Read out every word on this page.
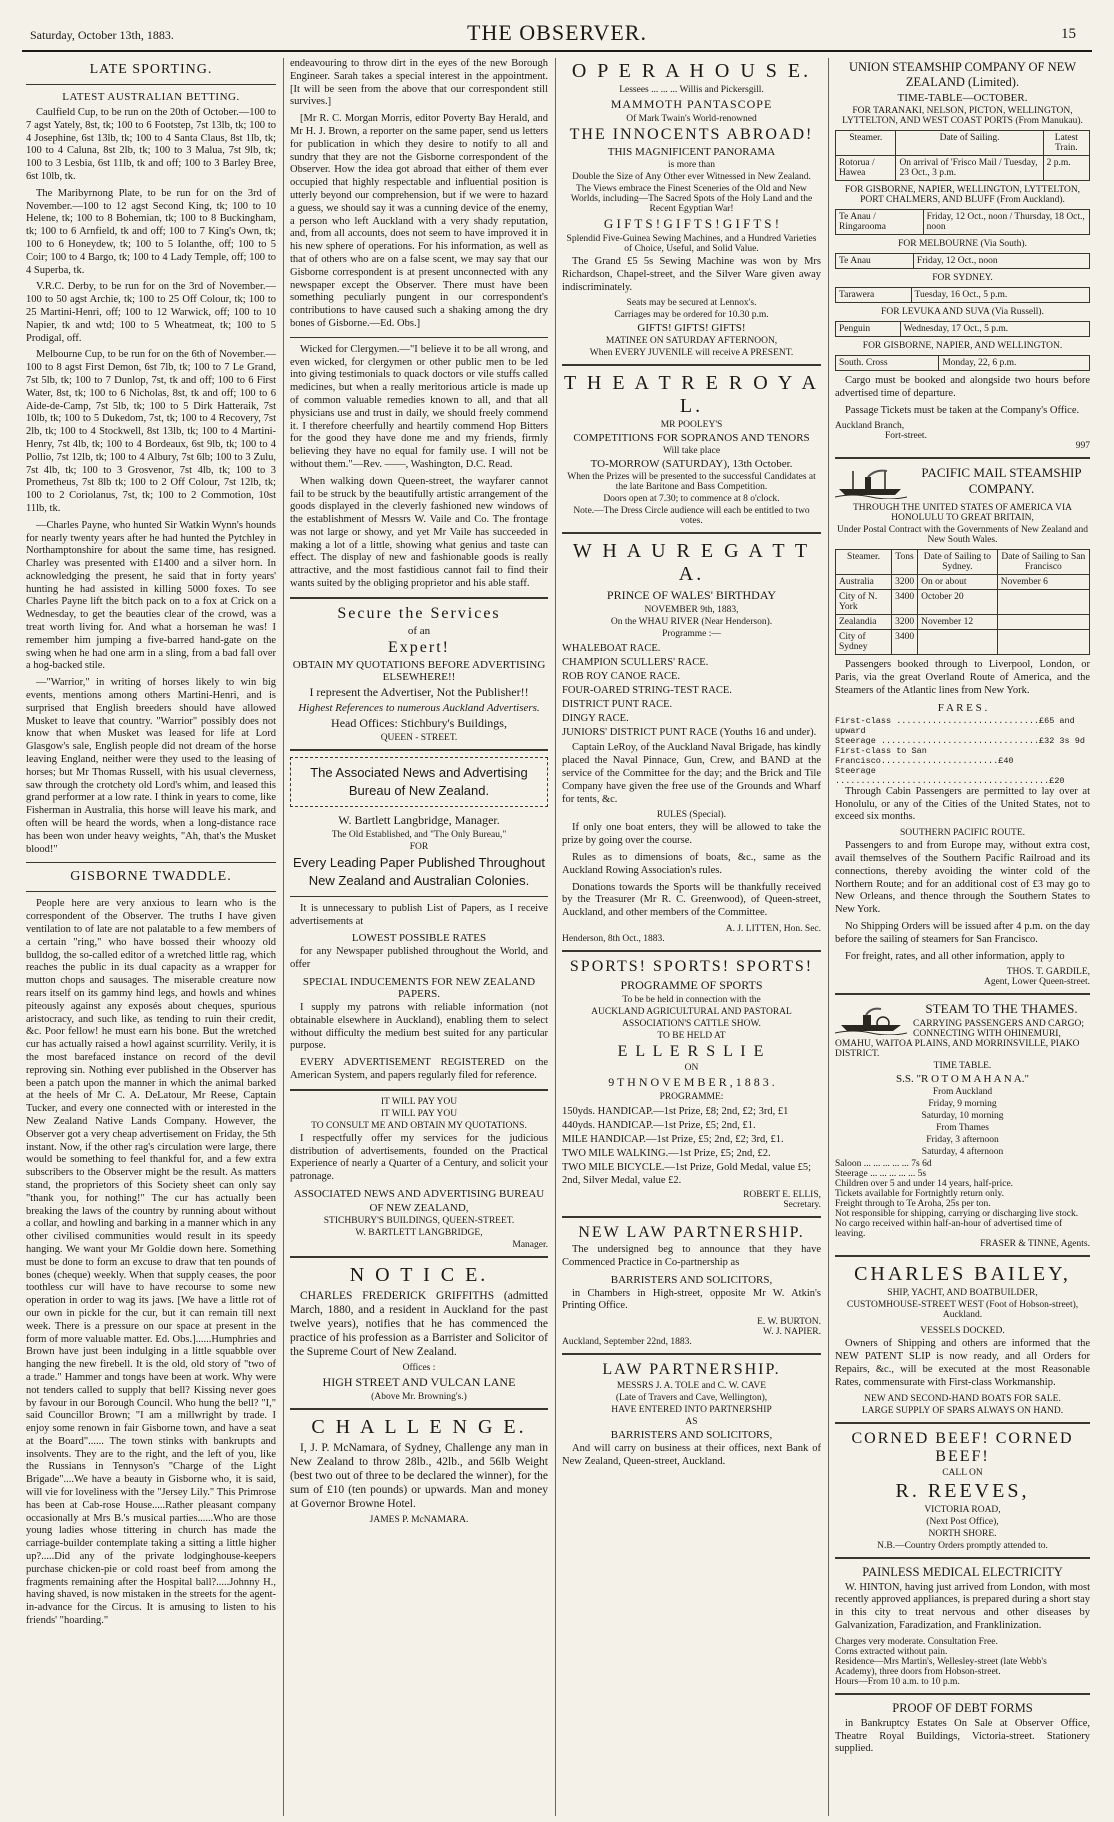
Saturday, October 13th, 1883.	THE OBSERVER.	15
LATE SPORTING.
LATEST AUSTRALIAN BETTING.

Caulfield Cup, to be run on the 20th of October.—100 to 7 agst Yately, 8st, tk; 100 to 6 Footstep, 7st 13lb, tk; 100 to 4 Josephine, 6st 13lb, tk; 100 to 4 Santa Claus, 8st 1lb, tk; 100 to 4 Caluna, 8st 2lb, tk; 100 to 3 Malua, 7st 9lb, tk; 100 to 3 Lesbia, 6st 11lb, tk and off; 100 to 3 Barley Bree, 6st 10lb, tk.

The Maribyrnong Plate, to be run for on the 3rd of November.—100 to 12 agst Second King, tk; 100 to 10 Helene, tk; 100 to 8 Bohemian, tk; 100 to 8 Buckingham, tk; 100 to 6 Arnfield, tk and off; 100 to 7 King's Own, tk; 100 to 6 Honeydew, tk; 100 to 5 Iolanthe, off; 100 to 5 Coir; 100 to 4 Bargo, tk; 100 to 4 Lady Temple, off; 100 to 4 Superba, tk.

V.R.C. Derby, to be run for on the 3rd of November.—100 to 50 agst Archie, tk; 100 to 25 Off Colour, tk; 100 to 25 Martini-Henri, off; 100 to 12 Warwick, off; 100 to 10 Napier, tk and wtd; 100 to 5 Wheatmeat, tk; 100 to 5 Prodigal, off.

Melbourne Cup, to be run for on the 6th of November.—100 to 8 agst First Demon, 6st 7lb, tk; 100 to 7 Le Grand, 7st 5lb, tk; 100 to 7 Dunlop, 7st, tk and off; 100 to 6 First Water, 8st, tk; 100 to 6 Nicholas, 8st, tk and off; 100 to 6 Aide-de-Camp, 7st 5lb, tk; 100 to 5 Dirk Hatteraik, 7st 10lb, tk; 100 to 5 Dukedom, 7st, tk; 100 to 4 Recovery, 7st 2lb, tk; 100 to 4 Stockwell, 8st 13lb, tk; 100 to 4 Martini-Henry, 7st 4lb, tk; 100 to 4 Bordeaux, 6st 9lb, tk; 100 to 4 Pollio, 7st 12lb, tk; 100 to 4 Albury, 7st 6lb; 100 to 3 Zulu, 7st 4lb, tk; 100 to 3 Grosvenor, 7st 4lb, tk; 100 to 3 Prometheus, 7st 8lb tk; 100 to 2 Off Colour, 7st 12lb, tk; 100 to 2 Coriolanus, 7st, tk; 100 to 2 Commotion, 10st 11lb, tk.

—Charles Payne, who hunted Sir Watkin Wynn's hounds for nearly twenty years after he had hunted the Pytchley in Northamptonshire for about the same time, has resigned. Charley was presented with £1400 and a silver horn. In acknowledging the present, he said that in forty years' hunting he had assisted in killing 5000 foxes. To see Charles Payne lift the bitch pack on to a fox at Crick on a Wednesday, to get the beauties clear of the crowd, was a treat worth living for. And what a horseman he was! I remember him jumping a five-barred hand-gate on the swing when he had one arm in a sling, from a bad fall over a hog-backed stile.

—"Warrior," in writing of horses likely to win big events, mentions among others Martini-Henri, and is surprised that English breeders should have allowed Musket to leave that country. "Warrior" possibly does not know that when Musket was leased for life at Lord Glasgow's sale, English people did not dream of the horse leaving England, neither were they used to the leasing of horses; but Mr Thomas Russell, with his usual cleverness, saw through the crotchety old Lord's whim, and leased this grand performer at a low rate. I think in years to come, like Fisherman in Australia, this horse will leave his mark, and often will be heard the words, when a long-distance race has been won under heavy weights, "Ah, that's the Musket blood!"

GISBORNE TWADDLE.

People here are very anxious to learn who is the correspondent of the Observer. The truths I have given ventilation to of late are not palatable to a few members of a certain "ring," who have bossed their whoozy old bulldog, the so-called editor of a wretched little rag, which reaches the public in its dual capacity as a wrapper for mutton chops and sausages. The miserable creature now rears itself on its gammy hind legs, and howls and whines piteously against any exposés about cheques, spurious aristocracy, and such like, as tending to ruin their credit, &c. Poor fellow! he must earn his bone. But the wretched cur has actually raised a howl against scurrility. Verily, it is the most barefaced instance on record of the devil reproving sin. Nothing ever published in the Observer has been a patch upon the manner in which the animal barked at the heels of Mr C. A. DeLatour, Mr Reese, Captain Tucker, and every one connected with or interested in the New Zealand Native Lands Company. However, the Observer got a very cheap advertisement on Friday, the 5th instant. Now, if the other rag's circulation were large, there would be something to feel thankful for, and a few extra subscribers to the Observer might be the result. As matters stand, the proprietors of this Society sheet can only say "thank you, for nothing!" The cur has actually been breaking the laws of the country by running about without a collar, and howling and barking in a manner which in any other civilised communities would result in its speedy hanging. We want your Mr Goldie down here. Something must be done to form an excuse to draw that ten pounds of bones (cheque) weekly. When that supply ceases, the poor toothless cur will have to have recourse to some new operation in order to wag its jaws. [We have a little rot of our own in pickle for the cur, but it can remain till next week. There is a pressure on our space at present in the form of more valuable matter. Ed. Obs.]......Humphries and Brown have just been indulging in a little squabble over hanging the new firebell. It is the old, old story of "two of a trade." Hammer and tongs have been at work. Why were not tenders called to supply that bell? Kissing never goes by favour in our Borough Council. Who hung the bell? "I," said Councillor Brown; "I am a millwright by trade. I enjoy some renown in fair Gisborne town, and have a seat at the Board"...... The town stinks with bankrupts and insolvents. They are to the right, and the left of you, like the Russians in Tennyson's "Charge of the Light Brigade"....We have a beauty in Gisborne who, it is said, will vie for loveliness with the "Jersey Lily." This Primrose has been at Cab-rose House.....Rather pleasant company occasionally at Mrs B.'s musical parties......Who are those young ladies whose tittering in church has made the carriage-builder contemplate taking a sitting a little higher up?.....Did any of the private lodginghouse-keepers purchase chicken-pie or cold roast beef from among the fragments remaining after the Hospital ball?.....Johnny H., having shaved, is now mistaken in the streets for the agent-in-advance for the Circus. It is amusing to listen to his friends' "hoarding."

endeavouring to throw dirt in the eyes of the new Borough Engineer. Sarah takes a special interest in the appointment. [It will be seen from the above that our correspondent still survives.]

[Mr R. C. Morgan Morris, editor Poverty Bay Herald, and Mr H. J. Brown, a reporter on the same paper, send us letters for publication in which they desire to notify to all and sundry that they are not the Gisborne correspondent of the Observer. How the idea got abroad that either of them ever occupied that highly respectable and influential position is utterly beyond our comprehension, but if we were to hazard a guess, we should say it was a cunning device of the enemy, a person who left Auckland with a very shady reputation, and, from all accounts, does not seem to have improved it in his new sphere of operations. For his information, as well as that of others who are on a false scent, we may say that our Gisborne correspondent is at present unconnected with any newspaper except the Observer. There must have been something peculiarly pungent in our correspondent's contributions to have caused such a shaking among the dry bones of Gisborne.—Ed. Obs.]

Wicked for Clergymen.—"I believe it to be all wrong, and even wicked, for clergymen or other public men to be led into giving testimonials to quack doctors or vile stuffs called medicines, but when a really meritorious article is made up of common valuable remedies known to all, and that all physicians use and trust in daily, we should freely commend it. I therefore cheerfully and heartily commend Hop Bitters for the good they have done me and my friends, firmly believing they have no equal for family use. I will not be without them."—Rev. ——, Washington, D.C. Read.

When walking down Queen-street, the wayfarer cannot fail to be struck by the beautifully artistic arrangement of the goods displayed in the cleverly fashioned new windows of the establishment of Messrs W. Vaile and Co. The frontage was not large or showy, and yet Mr Vaile has succeeded in making a lot of a little, showing what genius and taste can effect. The display of new and fashionable goods is really attractive, and the most fastidious cannot fail to find their wants suited by the obliging proprietor and his able staff.

Secure the Services
of an
Expert!
OBTAIN MY QUOTATIONS BEFORE ADVERTISING ELSEWHERE!!
I represent the Advertiser, Not the Publisher!!
Highest References to numerous Auckland Advertisers.
Head Offices: Stichbury's Buildings,
QUEEN - STREET.
The Associated News and Advertising Bureau of New Zealand.
W. Bartlett Langbridge, Manager.
The Old Established, and "The Only Bureau,"
FOR
Every Leading Paper Published Throughout New Zealand and Australian Colonies.

It is unnecessary to publish List of Papers, as I receive advertisements at

LOWEST POSSIBLE RATES

for any Newspaper published throughout the World, and offer

SPECIAL INDUCEMENTS FOR NEW ZEALAND PAPERS.

I supply my patrons with reliable information (not obtainable elsewhere in Auckland), enabling them to select without difficulty the medium best suited for any particular purpose.

EVERY ADVERTISEMENT REGISTERED on the American System, and papers regularly filed for reference.

IT WILL PAY YOU
IT WILL PAY YOU
TO CONSULT ME AND OBTAIN MY QUOTATIONS.

I respectfully offer my services for the judicious distribution of advertisements, founded on the Practical Experience of nearly a Quarter of a Century, and solicit your patronage.

ASSOCIATED NEWS AND ADVERTISING BUREAU
OF NEW ZEALAND,
STICHBURY'S BUILDINGS, QUEEN-STREET.
W. BARTLETT LANGBRIDGE,
Manager.
N O T I C E.

CHARLES FREDERICK GRIFFITHS (admitted March, 1880, and a resident in Auckland for the past twelve years), notifies that he has commenced the practice of his profession as a Barrister and Solicitor of the Supreme Court of New Zealand.

Offices :
HIGH STREET AND VULCAN LANE
(Above Mr. Browning's.)
C H A L L E N G E.

I, J. P. McNamara, of Sydney, Challenge any man in New Zealand to throw 28lb., 42lb., and 56lb Weight (best two out of three to be declared the winner), for the sum of £10 (ten pounds) or upwards. Man and money at Governor Browne Hotel.

JAMES P. McNAMARA.
O P E R A H O U S E.
Lessees ... ... ... Willis and Pickersgill.
MAMMOTH PANTASCOPE
Of Mark Twain's World-renowned
THE INNOCENTS ABROAD!
THIS MAGNIFICENT PANORAMA
is more than
Double the Size of Any Other ever Witnessed in New Zealand.
The Views embrace the Finest Sceneries of the Old and New Worlds, including—The Sacred Spots of the Holy Land and the Recent Egyptian War!
G I F T S ! G I F T S ! G I F T S !
Splendid Five-Guinea Sewing Machines, and a Hundred Varieties of Choice, Useful, and Solid Value.

The Grand £5 5s Sewing Machine was won by Mrs Richardson, Chapel-street, and the Silver Ware given away indiscriminately.

Seats may be secured at Lennox's.
Carriages may be ordered for 10.30 p.m.
GIFTS! GIFTS! GIFTS!
MATINEE ON SATURDAY AFTERNOON,
When EVERY JUVENILE will receive A PRESENT.
T H E A T R E R O Y A L.
MR POOLEY'S
COMPETITIONS FOR SOPRANOS AND TENORS
Will take place
TO-MORROW (SATURDAY), 13th October.
When the Prizes will be presented to the successful Candidates at the late Baritone and Bass Competition.
Doors open at 7.30; to commence at 8 o'clock.
Note.—The Dress Circle audience will each be entitled to two votes.
W H A U R E G A T T A.
PRINCE OF WALES' BIRTHDAY
NOVEMBER 9th, 1883,
On the WHAU RIVER (Near Henderson).
Programme :—
WHALEBOAT RACE.
CHAMPION SCULLERS' RACE.
ROB ROY CANOE RACE.
FOUR-OARED STRING-TEST RACE.
DISTRICT PUNT RACE.
DINGY RACE.
JUNIORS' DISTRICT PUNT RACE (Youths 16 and under).

Captain LeRoy, of the Auckland Naval Brigade, has kindly placed the Naval Pinnace, Gun, Crew, and BAND at the service of the Committee for the day; and the Brick and Tile Company have given the free use of the Grounds and Wharf for tents, &c.

RULES (Special).

If only one boat enters, they will be allowed to take the prize by going over the course.

Rules as to dimensions of boats, &c., same as the Auckland Rowing Association's rules.

Donations towards the Sports will be thankfully received by the Treasurer (Mr R. C. Greenwood), of Queen-street, Auckland, and other members of the Committee.

A. J. LITTEN, Hon. Sec.
Henderson, 8th Oct., 1883.
SPORTS! SPORTS! SPORTS!
PROGRAMME OF SPORTS
To be be held in connection with the
AUCKLAND AGRICULTURAL AND PASTORAL
ASSOCIATION'S CATTLE SHOW.
TO BE HELD AT
E L L E R S L I E
ON
9 T H N O V E M B E R , 1 8 8 3 .
PROGRAMME:
150yds. HANDICAP.—1st Prize, £8; 2nd, £2; 3rd, £1
440yds. HANDICAP.—1st Prize, £5; 2nd, £1.
MILE HANDICAP.—1st Prize, £5; 2nd, £2; 3rd, £1.
TWO MILE WALKING.—1st Prize, £5; 2nd, £2.
TWO MILE BICYCLE.—1st Prize, Gold Medal, value £5; 2nd, Silver Medal, value £2.
ROBERT E. ELLIS,
Secretary.
NEW LAW PARTNERSHIP.

The undersigned beg to announce that they have Commenced Practice in Co-partnership as

BARRISTERS AND SOLICITORS,

in Chambers in High-street, opposite Mr W. Atkin's Printing Office.

E. W. BURTON.
W. J. NAPIER.
Auckland, September 22nd, 1883.
LAW PARTNERSHIP.
MESSRS J. A. TOLE and C. W. CAVE
(Late of Travers and Cave, Wellington),
HAVE ENTERED INTO PARTNERSHIP
AS
BARRISTERS AND SOLICITORS,

And will carry on business at their offices, next Bank of New Zealand, Queen-street, Auckland.

UNION STEAMSHIP COMPANY OF NEW ZEALAND (Limited).
TIME-TABLE—OCTOBER.
FOR TARANAKI, NELSON, PICTON, WELLINGTON, LYTTELTON, AND WEST COAST PORTS (From Manukau).
Steamer.	Date of Sailing.	Latest Train.
Rotorua / Hawea	On arrival of 'Frisco Mail / Tuesday, 23 Oct., 3 p.m.	2 p.m.
FOR GISBORNE, NAPIER, WELLINGTON, LYTTELTON, PORT CHALMERS, AND BLUFF (From Auckland).
Te Anau / Ringarooma	Friday, 12 Oct., noon / Thursday, 18 Oct., noon
FOR MELBOURNE (Via South).
Te Anau	Friday, 12 Oct., noon
FOR SYDNEY.
Tarawera	Tuesday, 16 Oct., 5 p.m.
FOR LEVUKA AND SUVA (Via Russell).
Penguin	Wednesday, 17 Oct., 5 p.m.
FOR GISBORNE, NAPIER, AND WELLINGTON.
South. Cross	Monday, 22, 6 p.m.

Cargo must be booked and alongside two hours before advertised time of departure.

Passage Tickets must be taken at the Company's Office.

Auckland Branch,
Fort-street.
997
PACIFIC MAIL STEAMSHIP COMPANY.
THROUGH THE UNITED STATES OF AMERICA VIA HONOLULU TO GREAT BRITAIN,
Under Postal Contract with the Governments of New Zealand and New South Wales.
Steamer.	Tons	Date of Sailing to Sydney.	Date of Sailing to San Francisco
Australia	3200	On or about	November 6
City of N. York	3400	October 20	
Zealandia	3200	November 12	
City of Sydney	3400		

Passengers booked through to Liverpool, London, or Paris, via the great Overland Route of America, and the Steamers of the Atlantic lines from New York.

F A R E S .
First-class ............................£65 and upward
Steerage ...............................£32 3s 9d
First-class to San Francisco.......................£40
Steerage ..........................................£20

Through Cabin Passengers are permitted to lay over at Honolulu, or any of the Cities of the United States, not to exceed six months.

SOUTHERN PACIFIC ROUTE.

Passengers to and from Europe may, without extra cost, avail themselves of the Southern Pacific Railroad and its connections, thereby avoiding the winter cold of the Northern Route; and for an additional cost of £3 may go to New Orleans, and thence through the Southern States to New York.

No Shipping Orders will be issued after 4 p.m. on the day before the sailing of steamers for San Francisco.

For freight, rates, and all other information, apply to

THOS. T. GARDILE,
Agent, Lower Queen-street.
STEAM TO THE THAMES.
CARRYING PASSENGERS AND CARGO; CONNECTING WITH OHINEMURI, OMAHU, WAITOA PLAINS, AND MORRINSVILLE, PIAKO DISTRICT.
TIME TABLE.
S.S. "R O T O M A H A N A."
From Auckland
Friday, 9 morning
Saturday, 10 morning
From Thames
Friday, 3 afternoon
Saturday, 4 afternoon
Saloon ... ... ... ... ... 7s 6d
Steerage ... ... ... ... ... 5s
Children over 5 and under 14 years, half-price.
Tickets available for Fortnightly return only.
Freight through to Te Aroha, 25s per ton.
Not responsible for shipping, carrying or discharging live stock.
No cargo received within half-an-hour of advertised time of leaving.
FRASER & TINNE, Agents.
CHARLES BAILEY,
SHIP, YACHT, AND BOATBUILDER,
CUSTOMHOUSE-STREET WEST (Foot of Hobson-street), Auckland.
VESSELS DOCKED.

Owners of Shipping and others are informed that the NEW PATENT SLIP is now ready, and all Orders for Repairs, &c., will be executed at the most Reasonable Rates, commensurate with First-class Workmanship.

NEW AND SECOND-HAND BOATS FOR SALE.
LARGE SUPPLY OF SPARS ALWAYS ON HAND.
CORNED BEEF! CORNED BEEF!
CALL ON
R. REEVES,
VICTORIA ROAD,
(Next Post Office),
NORTH SHORE.
N.B.—Country Orders promptly attended to.
PAINLESS MEDICAL ELECTRICITY

W. HINTON, having just arrived from London, with most recently approved appliances, is prepared during a short stay in this city to treat nervous and other diseases by Galvanization, Faradization, and Franklinization.

Charges very moderate. Consultation Free.
Corns extracted without pain.
Residence—Mrs Martin's, Wellesley-street (late Webb's Academy), three doors from Hobson-street.
Hours—From 10 a.m. to 10 p.m.
PROOF OF DEBT FORMS

in Bankruptcy Estates On Sale at Observer Office, Theatre Royal Buildings, Victoria-street. Stationery supplied.
